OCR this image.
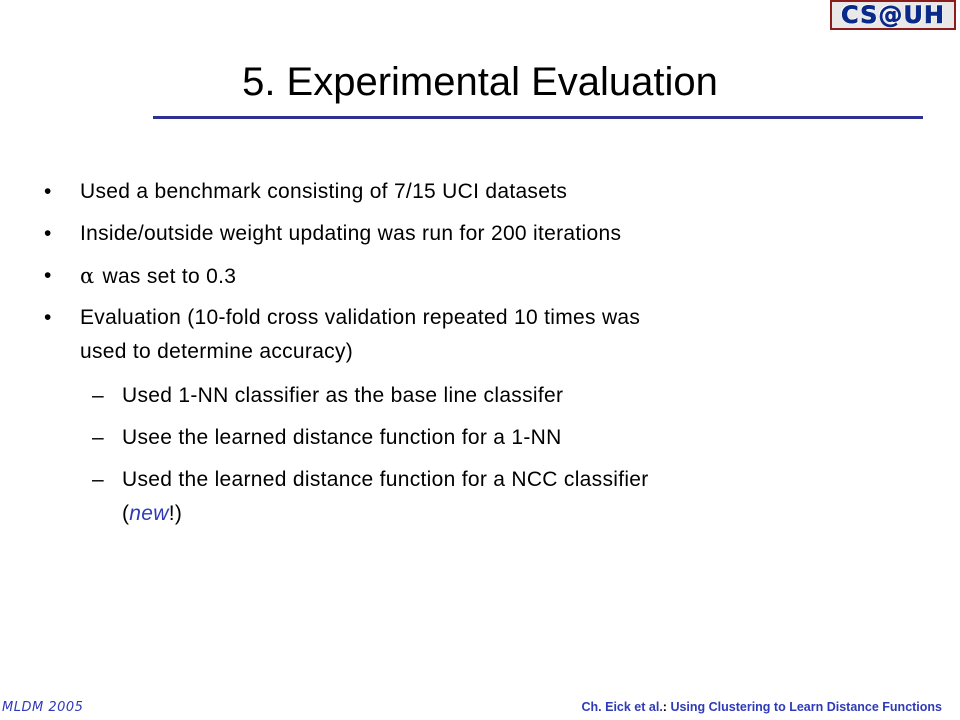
CS@UH
5. Experimental Evaluation
•	Used a benchmark consisting of 7/15 UCI datasets
•	Inside/outside weight updating was run for 200 iterations
•	α was set to 0.3
•	Evaluation (10-fold cross validation repeated 10 times was
used to determine accuracy)
– Used 1-NN classifier as the base line classifer
– Usee the learned distance function for a 1-NN
– Used the learned distance function for a NCC classifier
(new!)
MLDM 2005	Ch. Eick et al.: Using Clustering to Learn Distance Functions
